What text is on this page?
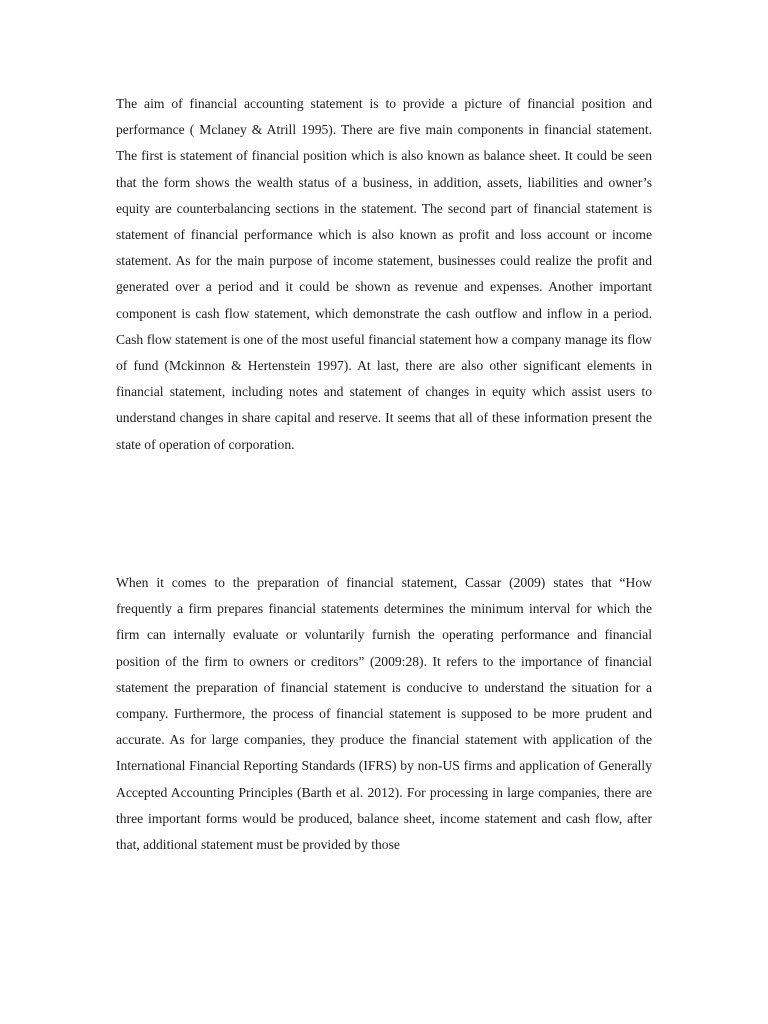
The aim of financial accounting statement is to provide a picture of financial position and performance ( Mclaney & Atrill 1995). There are five main components in financial statement. The first is statement of financial position which is also known as balance sheet. It could be seen that the form shows the wealth status of a business, in addition, assets, liabilities and owner’s equity are counterbalancing sections in the statement. The second part of financial statement is statement of financial performance which is also known as profit and loss account or income statement. As for the main purpose of income statement, businesses could realize the profit and generated over a period and it could be shown as revenue and expenses. Another important component is cash flow statement, which demonstrate the cash outflow and inflow in a period. Cash flow statement is one of the most useful financial statement how a company manage its flow of fund (Mckinnon & Hertenstein 1997). At last, there are also other significant elements in financial statement, including notes and statement of changes in equity which assist users to understand changes in share capital and reserve. It seems that all of these information present the state of operation of corporation.

When it comes to the preparation of financial statement, Cassar (2009) states that “How frequently a firm prepares financial statements determines the minimum interval for which the firm can internally evaluate or voluntarily furnish the operating performance and financial position of the firm to owners or creditors” (2009:28). It refers to the importance of financial statement the preparation of financial statement is conducive to understand the situation for a company. Furthermore, the process of financial statement is supposed to be more prudent and accurate. As for large companies, they produce the financial statement with application of the International Financial Reporting Standards (IFRS) by non-US firms and application of Generally Accepted Accounting Principles (Barth et al. 2012). For processing in large companies, there are three important forms would be produced, balance sheet, income statement and cash flow, after that, additional statement must be provided by those
